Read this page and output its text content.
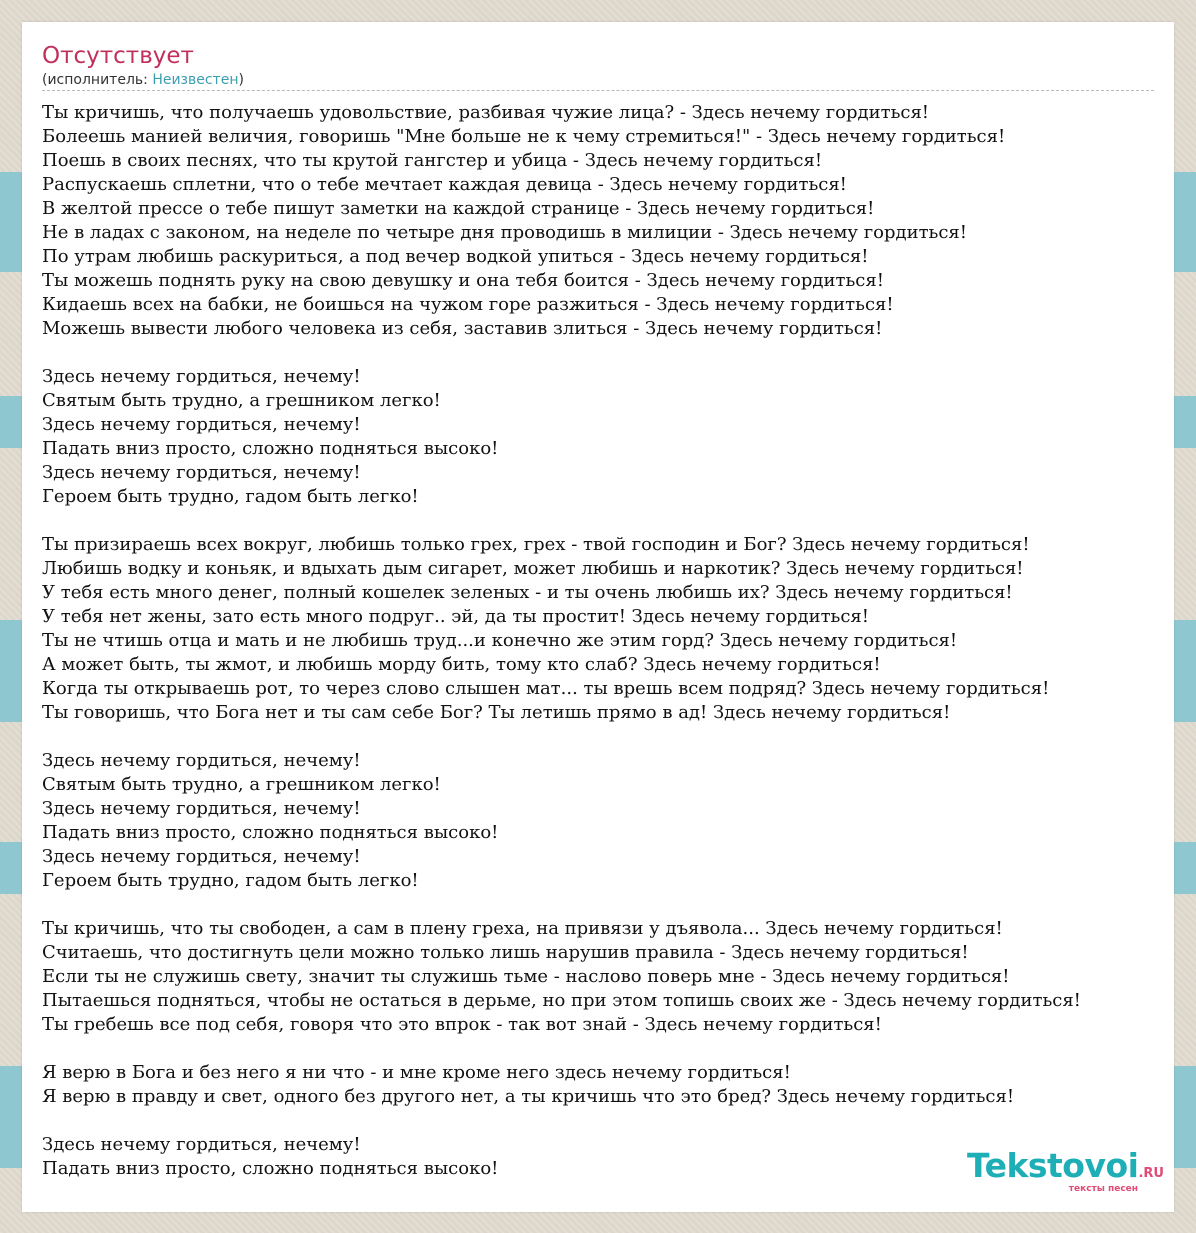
Отсутствует
(исполнитель: Неизвестен)
Ты кричишь, что получаешь удовольствие, разбивая чужие лица? - Здесь нечему гордиться!
Болеешь манией величия, говоришь "Мне больше не к чему стремиться!" - Здесь нечему гордиться!
Поешь в своих песнях, что ты крутой гангстер и убица - Здесь нечему гордиться!
Распускаешь сплетни, что о тебе мечтает каждая девица - Здесь нечему гордиться!
В желтой прессе о тебе пишут заметки на каждой странице - Здесь нечему гордиться!
Не в ладах с законом, на неделе по четыре дня проводишь в милиции - Здесь нечему гордиться!
По утрам любишь раскуриться, а под вечер водкой упиться - Здесь нечему гордиться!
Ты можешь поднять руку на свою девушку и она тебя боится - Здесь нечему гордиться!
Кидаешь всех на бабки, не боишься на чужом горе разжиться - Здесь нечему гордиться!
Можешь вывести любого человека из себя, заставив злиться - Здесь нечему гордиться!

Здесь нечему гордиться, нечему!
Святым быть трудно, а грешником легко!
Здесь нечему гордиться, нечему!
Падать вниз просто, сложно подняться высоко!
Здесь нечему гордиться, нечему!
Героем быть трудно, гадом быть легко!

Ты призираешь всех вокруг, любишь только грех, грех - твой господин и Бог? Здесь нечему гордиться!
Любишь водку и коньяк, и вдыхать дым сигарет, может любишь и наркотик? Здесь нечему гордиться!
У тебя есть много денег, полный кошелек зеленых - и ты очень любишь их? Здесь нечему гордиться!
У тебя нет жены, зато есть много подруг.. эй, да ты простит! Здесь нечему гордиться!
Ты не чтишь отца и мать и не любишь труд...и конечно же этим горд? Здесь нечему гордиться!
А может быть, ты жмот, и любишь морду бить, тому кто слаб? Здесь нечему гордиться!
Когда ты открываешь рот, то через слово слышен мат... ты врешь всем подряд? Здесь нечему гордиться!
Ты говоришь, что Бога нет и ты сам себе Бог? Ты летишь прямо в ад! Здесь нечему гордиться!

Здесь нечему гордиться, нечему!
Святым быть трудно, а грешником легко!
Здесь нечему гордиться, нечему!
Падать вниз просто, сложно подняться высоко!
Здесь нечему гордиться, нечему!
Героем быть трудно, гадом быть легко!

Ты кричишь, что ты свободен, а сам в плену греха, на привязи у дъявола... Здесь нечему гордиться!
Считаешь, что достигнуть цели можно только лишь нарушив правила - Здесь нечему гордиться!
Если ты не служишь свету, значит ты служишь тьме - наслово поверь мне - Здесь нечему гордиться!
Пытаешься подняться, чтобы не остаться в дерьме, но при этом топишь своих же - Здесь нечему гордиться!
Ты гребешь все под себя, говоря что это впрок - так вот знай - Здесь нечему гордиться!

Я верю в Бога и без него я ни что - и мне кроме него здесь нечему гордиться!
Я верю в правду и свет, одного без другого нет, а ты кричишь что это бред? Здесь нечему гордиться!

Здесь нечему гордиться, нечему!
Падать вниз просто, сложно подняться высоко!	Tekstovoi.RU
тексты песен
